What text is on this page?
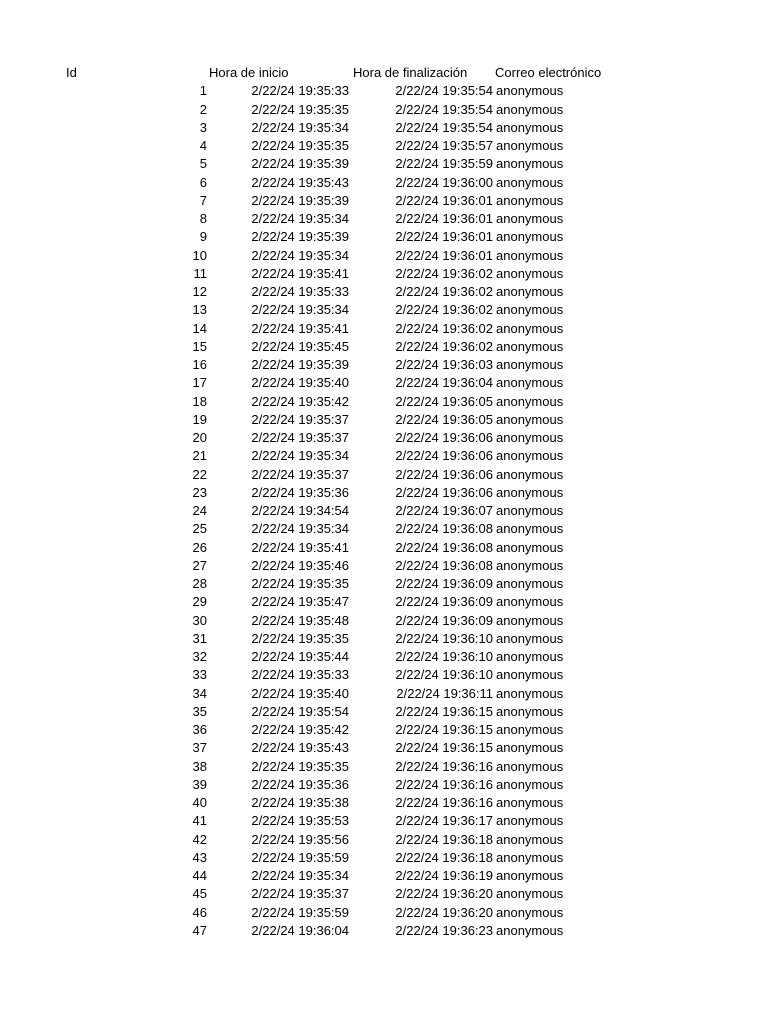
Id	Hora de inicio	Hora de finalización Correo electrónico
1	2/22/24 19:35:33	2/22/24 19:35:54 anonymous
2	2/22/24 19:35:35	2/22/24 19:35:54 anonymous
3	2/22/24 19:35:34	2/22/24 19:35:54 anonymous
4	2/22/24 19:35:35	2/22/24 19:35:57 anonymous
5	2/22/24 19:35:39	2/22/24 19:35:59 anonymous
6	2/22/24 19:35:43	2/22/24 19:36:00 anonymous
7	2/22/24 19:35:39	2/22/24 19:36:01 anonymous
8	2/22/24 19:35:34	2/22/24 19:36:01 anonymous
9	2/22/24 19:35:39	2/22/24 19:36:01 anonymous
10	2/22/24 19:35:34	2/22/24 19:36:01 anonymous
11	2/22/24 19:35:41	2/22/24 19:36:02 anonymous
12	2/22/24 19:35:33	2/22/24 19:36:02 anonymous
13	2/22/24 19:35:34	2/22/24 19:36:02 anonymous
14	2/22/24 19:35:41	2/22/24 19:36:02 anonymous
15	2/22/24 19:35:45	2/22/24 19:36:02 anonymous
16	2/22/24 19:35:39	2/22/24 19:36:03 anonymous
17	2/22/24 19:35:40	2/22/24 19:36:04 anonymous
18	2/22/24 19:35:42	2/22/24 19:36:05 anonymous
19	2/22/24 19:35:37	2/22/24 19:36:05 anonymous
20	2/22/24 19:35:37	2/22/24 19:36:06 anonymous
21	2/22/24 19:35:34	2/22/24 19:36:06 anonymous
22	2/22/24 19:35:37	2/22/24 19:36:06 anonymous
23	2/22/24 19:35:36	2/22/24 19:36:06 anonymous
24	2/22/24 19:34:54	2/22/24 19:36:07 anonymous
25	2/22/24 19:35:34	2/22/24 19:36:08 anonymous
26	2/22/24 19:35:41	2/22/24 19:36:08 anonymous
27	2/22/24 19:35:46	2/22/24 19:36:08 anonymous
28	2/22/24 19:35:35	2/22/24 19:36:09 anonymous
29	2/22/24 19:35:47	2/22/24 19:36:09 anonymous
30	2/22/24 19:35:48	2/22/24 19:36:09 anonymous
31	2/22/24 19:35:35	2/22/24 19:36:10 anonymous
32	2/22/24 19:35:44	2/22/24 19:36:10 anonymous
33	2/22/24 19:35:33	2/22/24 19:36:10 anonymous
34	2/22/24 19:35:40	2/22/24 19:36:11 anonymous
35	2/22/24 19:35:54	2/22/24 19:36:15 anonymous
36	2/22/24 19:35:42	2/22/24 19:36:15 anonymous
37	2/22/24 19:35:43	2/22/24 19:36:15 anonymous
38	2/22/24 19:35:35	2/22/24 19:36:16 anonymous
39	2/22/24 19:35:36	2/22/24 19:36:16 anonymous
40	2/22/24 19:35:38	2/22/24 19:36:16 anonymous
41	2/22/24 19:35:53	2/22/24 19:36:17 anonymous
42	2/22/24 19:35:56	2/22/24 19:36:18 anonymous
43	2/22/24 19:35:59	2/22/24 19:36:18 anonymous
44	2/22/24 19:35:34	2/22/24 19:36:19 anonymous
45	2/22/24 19:35:37	2/22/24 19:36:20 anonymous
46	2/22/24 19:35:59	2/22/24 19:36:20 anonymous
47	2/22/24 19:36:04	2/22/24 19:36:23 anonymous
